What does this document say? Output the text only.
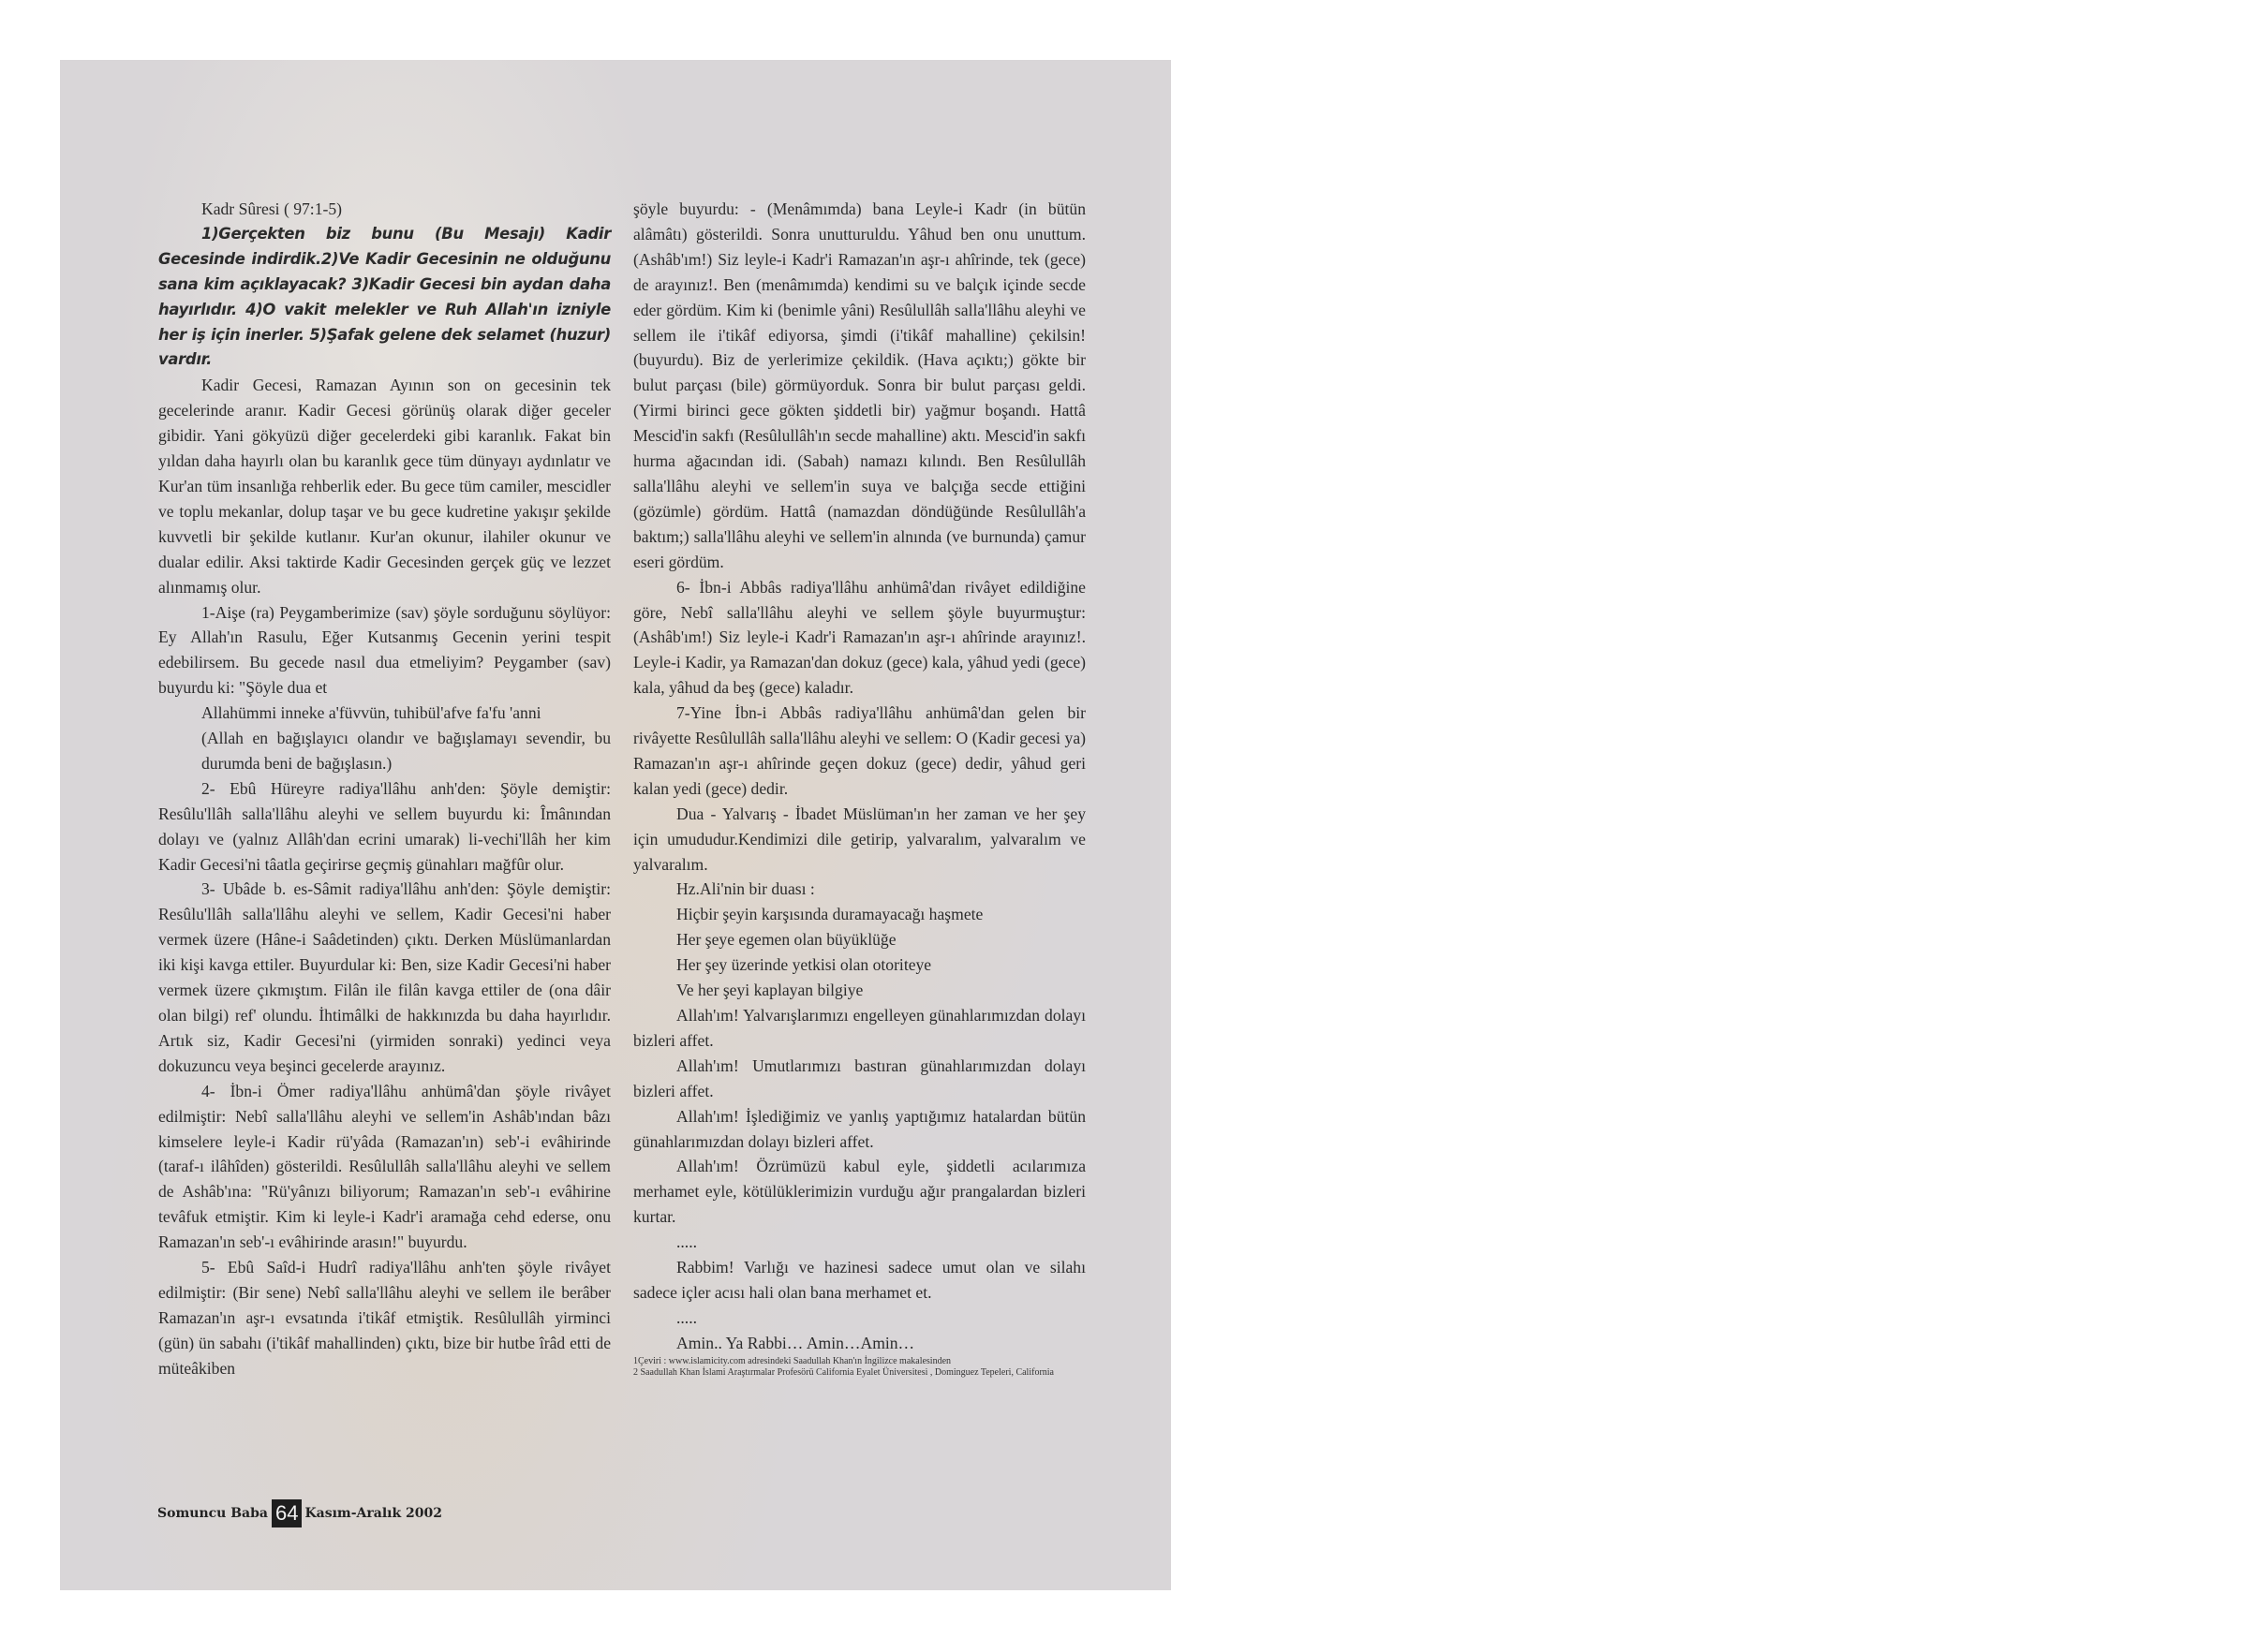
Kadr Sûresi ( 97:1-5)

1)Gerçekten biz bunu (Bu Mesajı) Kadir Gecesinde indirdik.2)Ve Kadir Gecesinin ne olduğunu sana kim açıklayacak? 3)Kadir Gecesi bin aydan daha hayırlıdır. 4)O vakit melekler ve Ruh Allah'ın izniyle her iş için inerler. 5)Şafak gelene dek selamet (huzur) vardır.

Kadir Gecesi, Ramazan Ayının son on gecesinin tek gecelerinde aranır. Kadir Gecesi görünüş olarak diğer geceler gibidir. Yani gökyüzü diğer gecelerdeki gibi karanlık. Fakat bin yıldan daha hayırlı olan bu karanlık gece tüm dünyayı aydınlatır ve Kur'an tüm insanlığa rehberlik eder. Bu gece tüm camiler, mescidler ve toplu mekanlar, dolup taşar ve bu gece kudretine yakışır şekilde kuvvetli bir şekilde kutlanır. Kur'an okunur, ilahiler okunur ve dualar edilir. Aksi taktirde Kadir Gecesinden gerçek güç ve lezzet alınmamış olur.

1-Aişe (ra) Peygamberimize (sav) şöyle sorduğunu söylüyor: Ey Allah'ın Rasulu, Eğer Kutsanmış Gecenin yerini tespit edebilirsem. Bu gecede nasıl dua etmeliyim? Peygamber (sav) buyurdu ki: "Şöyle dua et

Allahümmi inneke a'füvvün, tuhibül'afve fa'fu 'anni

(Allah en bağışlayıcı olandır ve bağışlamayı sevendir, bu durumda beni de bağışlasın.)

2- Ebû Hüreyre radiya'llâhu anh'den: Şöyle demiştir: Resûlu'llâh salla'llâhu aleyhi ve sellem buyurdu ki: Îmânından dolayı ve (yalnız Allâh'dan ecrini umarak) li-vechi'llâh her kim Kadir Gecesi'ni tâatla geçirirse geçmiş günahları mağfûr olur.

3- Ubâde b. es-Sâmit radiya'llâhu anh'den: Şöyle demiştir: Resûlu'llâh salla'llâhu aleyhi ve sellem, Kadir Gecesi'ni haber vermek üzere (Hâne-i Saâdetinden) çıktı. Derken Müslümanlardan iki kişi kavga ettiler. Buyurdular ki: Ben, size Kadir Gecesi'ni haber vermek üzere çıkmıştım. Filân ile filân kavga ettiler de (ona dâir olan bilgi) ref' olundu. İhtimâlki de hakkınızda bu daha hayırlıdır. Artık siz, Kadir Gecesi'ni (yirmiden sonraki) yedinci veya dokuzuncu veya beşinci gecelerde arayınız.

4- İbn-i Ömer radiya'llâhu anhümâ'dan şöyle rivâyet edilmiştir: Nebî salla'llâhu aleyhi ve sellem'in Ashâb'ından bâzı kimselere leyle-i Kadir rü'yâda (Ramazan'ın) seb'-i evâhirinde (taraf-ı ilâhîden) gösterildi. Resûlullâh salla'llâhu aleyhi ve sellem de Ashâb'ına: "Rü'yânızı biliyorum; Ramazan'ın seb'-ı evâhirine tevâfuk etmiştir. Kim ki leyle-i Kadr'i aramağa cehd ederse, onu Ramazan'ın seb'-ı evâhirinde arasın!" buyurdu.

5- Ebû Saîd-i Hudrî radiya'llâhu anh'ten şöyle rivâyet edilmiştir: (Bir sene) Nebî salla'llâhu aleyhi ve sellem ile berâber Ramazan'ın aşr-ı evsatında i'tikâf etmiştik. Resûlullâh yirminci (gün) ün sabahı (i'tikâf mahallinden) çıktı, bize bir hutbe îrâd etti de müteâkiben

şöyle buyurdu: - (Menâmımda) bana Leyle-i Kadr (in bütün alâmâtı) gösterildi. Sonra unutturuldu. Yâhud ben onu unuttum. (Ashâb'ım!) Siz leyle-i Kadr'i Ramazan'ın aşr-ı ahîrinde, tek (gece) de arayınız!. Ben (menâmımda) kendimi su ve balçık içinde secde eder gördüm. Kim ki (benimle yâni) Resûlullâh salla'llâhu aleyhi ve sellem ile i'tikâf ediyorsa, şimdi (i'tikâf mahalline) çekilsin! (buyurdu). Biz de yerlerimize çekildik. (Hava açıktı;) gökte bir bulut parçası (bile) görmüyorduk. Sonra bir bulut parçası geldi. (Yirmi birinci gece gökten şiddetli bir) yağmur boşandı. Hattâ Mescid'in sakfı (Resûlullâh'ın secde mahalline) aktı. Mescid'in sakfı hurma ağacından idi. (Sabah) namazı kılındı. Ben Resûlullâh salla'llâhu aleyhi ve sellem'in suya ve balçığa secde ettiğini (gözümle) gördüm. Hattâ (namazdan döndüğünde Resûlullâh'a baktım;) salla'llâhu aleyhi ve sellem'in alnında (ve burnunda) çamur eseri gördüm.

6- İbn-i Abbâs radiya'llâhu anhümâ'dan rivâyet edildiğine göre, Nebî salla'llâhu aleyhi ve sellem şöyle buyurmuştur: (Ashâb'ım!) Siz leyle-i Kadr'i Ramazan'ın aşr-ı ahîrinde arayınız!. Leyle-i Kadir, ya Ramazan'dan dokuz (gece) kala, yâhud yedi (gece) kala, yâhud da beş (gece) kaladır.

7-Yine İbn-i Abbâs radiya'llâhu anhümâ'dan gelen bir rivâyette Resûlullâh salla'llâhu aleyhi ve sellem: O (Kadir gecesi ya) Ramazan'ın aşr-ı ahîrinde geçen dokuz (gece) dedir, yâhud geri kalan yedi (gece) dedir.

Dua - Yalvarış - İbadet Müslüman'ın her zaman ve her şey için umududur.Kendimizi dile getirip, yalvaralım, yalvaralım ve yalvaralım.

Hz.Ali'nin bir duası :

Hiçbir şeyin karşısında duramayacağı haşmete

Her şeye egemen olan büyüklüğe

Her şey üzerinde yetkisi olan otoriteye

Ve her şeyi kaplayan bilgiye

Allah'ım! Yalvarışlarımızı engelleyen günahlarımızdan dolayı bizleri affet.

Allah'ım! Umutlarımızı bastıran günahlarımızdan dolayı bizleri affet.

Allah'ım! İşlediğimiz ve yanlış yaptığımız hatalardan bütün günahlarımızdan dolayı bizleri affet.

Allah'ım! Özrümüzü kabul eyle, şiddetli acılarımıza merhamet eyle, kötülüklerimizin vurduğu ağır prangalardan bizleri kurtar.

.....

Rabbim! Varlığı ve hazinesi sadece umut olan ve silahı sadece içler acısı hali olan bana merhamet et.

.....

Amin.. Ya Rabbi… Amin…Amin…

1Çeviri : www.islamicity.com adresindeki Saadullah Khan'ın İngilizce makalesinden

2 Saadullah Khan İslami Araştırmalar Profesörü California Eyalet Üniversitesi , Dominguez Tepeleri, California

Somuncu Baba 64 Kasım-Aralık 2002
